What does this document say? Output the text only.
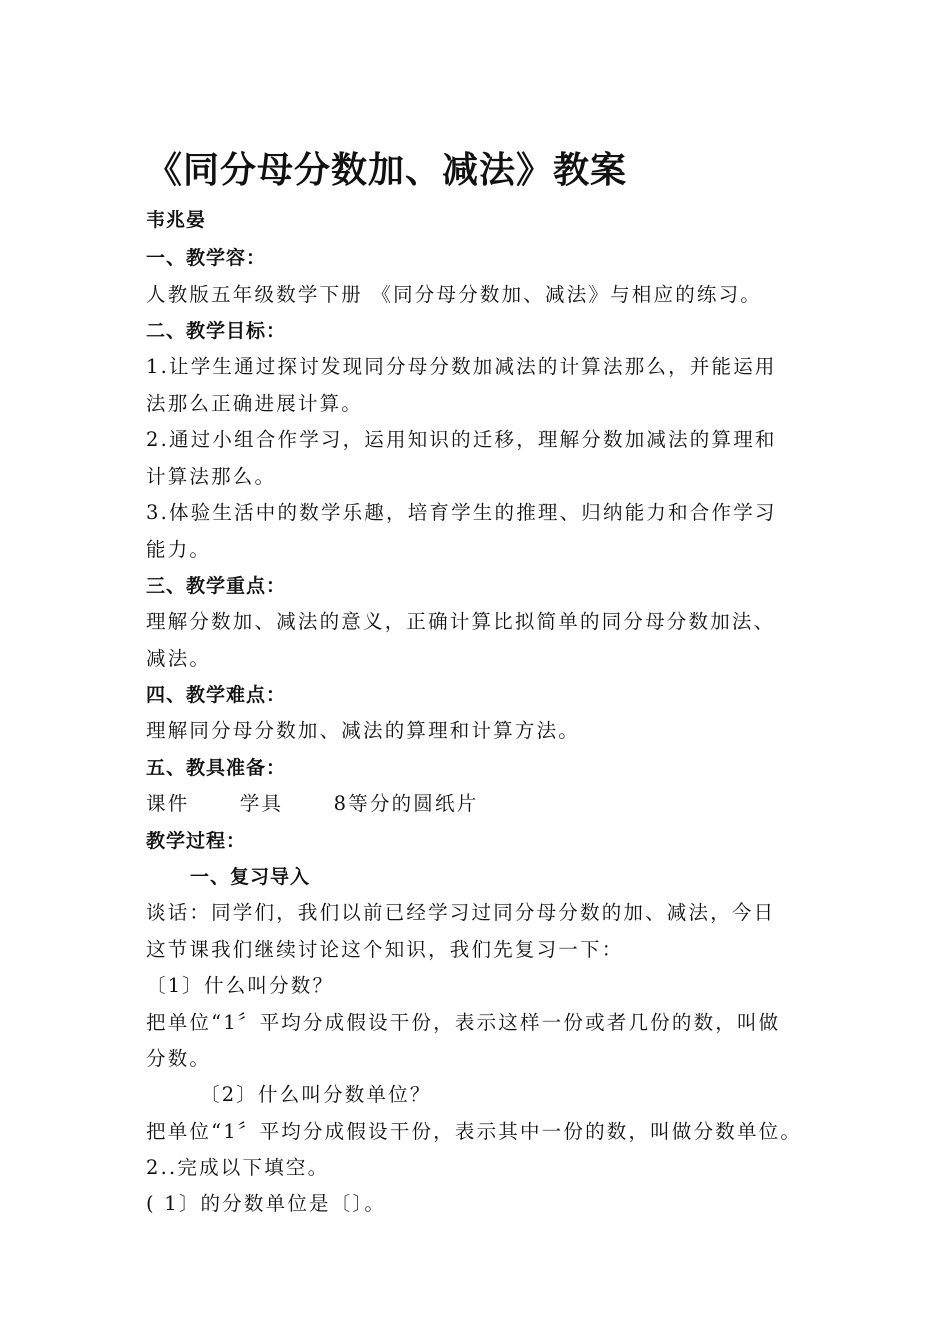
《同分母分数加、减法》教案
韦兆晏
一、教学容：
人教版五年级数学下册 《同分母分数加、减法》与相应的练习。
二、教学目标：
1.让学生通过探讨发现同分母分数加减法的计算法那么，并能运用
法那么正确进展计算。
2.通过小组合作学习，运用知识的迁移，理解分数加减法的算理和
计算法那么。
3.体验生活中的数学乐趣，培育学生的推理、归纳能力和合作学习
能力。
三、教学重点：
理解分数加、减法的意义，正确计算比拟简单的同分母分数加法、
减法。
四、教学难点：
理解同分母分数加、减法的算理和计算方法。
五、教具准备：
课件      学具      8等分的圆纸片
教学过程：
一、复习导入
谈话：同学们，我们以前已经学习过同分母分数的加、减法，今日
这节课我们继续讨论这个知识，我们先复习一下：
〔1〕什么叫分数？
把单位“1〞平均分成假设干份，表示这样一份或者几份的数，叫做
分数。
〔2〕什么叫分数单位？
把单位“1〞平均分成假设干份，表示其中一份的数，叫做分数单位。
2..完成以下填空。
( 1〕的分数单位是〔〕。
